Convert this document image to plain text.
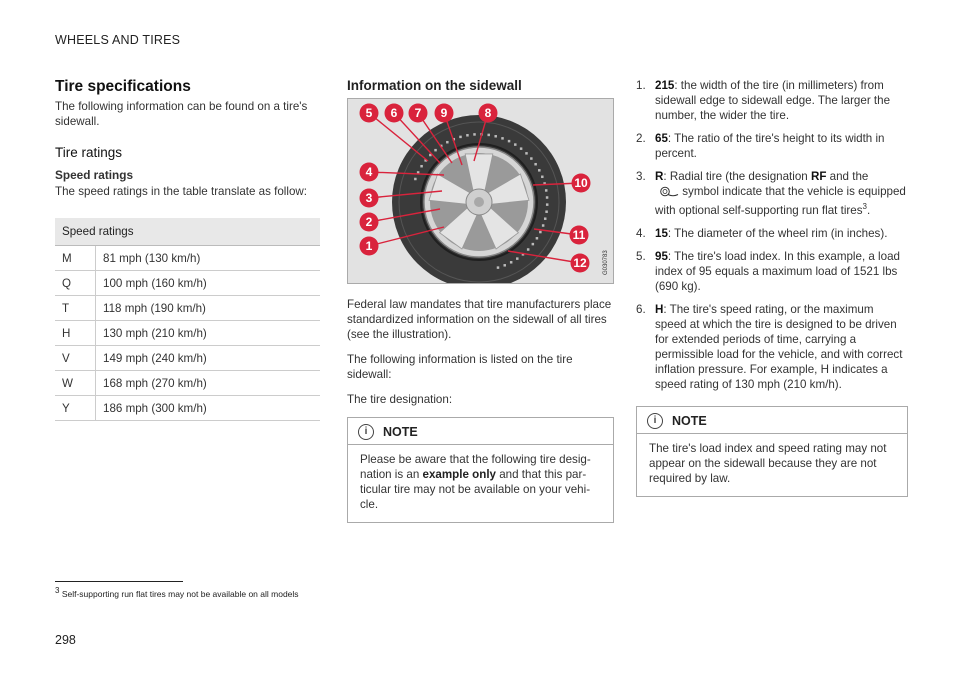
WHEELS AND TIRES
Tire specifications

The following information can be found on a tire's sidewall.

Tire ratings
Speed ratings

The speed ratings in the table translate as follow:

Speed ratings	
M	81 mph (130 km/h)
Q	100 mph (160 km/h)
T	118 mph (190 km/h)
H	130 mph (210 km/h)
V	149 mph (240 km/h)
W	168 mph (270 km/h)
Y	186 mph (300 km/h)
Information on the sidewall
1
2
3
4
5 6 7 9	8
10
11
12	G030783

Federal law mandates that tire manufacturers place standardized information on the sidewall of all tires (see the illustration).

The following information is listed on the tire sidewall:

The tire designation:

i	NOTE
Please be aware that the following tire desig-nation is an example only and that this par-ticular tire may not be available on your vehi-cle.
1. 215: the width of the tire (in millimeters) from sidewall edge to sidewall edge. The larger the number, the wider the tire.
2. 65: The ratio of the tire's height to its width in percent.
3. R: Radial tire (the designation RF and the
symbol indicate that the vehicle is equipped with optional self-supporting run flat tires$^3$.
4. 15: The diameter of the wheel rim (in inches).
5. 95: The tire's load index. In this example, a load index of 95 equals a maximum load of 1521 lbs (690 kg).
6. H: The tire's speed rating, or the maximum speed at which the tire is designed to be driven for extended periods of time, carrying a permissible load for the vehicle, and with correct inflation pressure. For example, H indicates a speed rating of 130 mph (210 km/h).
i	NOTE
The tire's load index and speed rating may not appear on the sidewall because they are not required by law.
$^3$ Self-supporting run flat tires may not be available on all models
298
